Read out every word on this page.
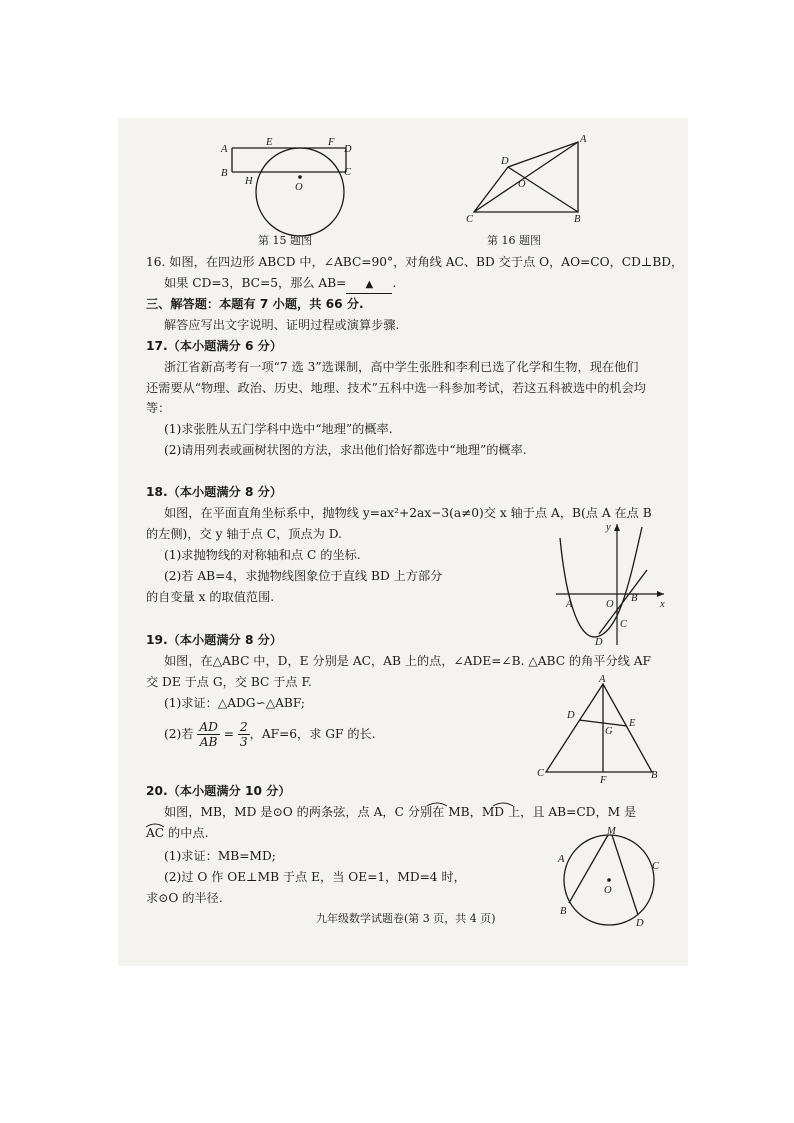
A
B
E	F
D
C
H
O
A
D
O
C	B
第 15 题图	第 16 题图
16. 如图，在四边形 ABCD 中，∠ABC=90°，对角线 AC、BD 交于点 O，AO=CO，CD⊥BD，
如果 CD=3，BC=5，那么 AB= ▲ .
三、解答题：本题有 7 小题，共 66 分.
解答应写出文字说明、证明过程或演算步骤.
17.（本小题满分 6 分）
浙江省新高考有一项“7 选 3”选课制，高中学生张胜和李利已选了化学和生物，现在他们
还需要从“物理、政治、历史、地理、技术”五科中选一科参加考试，若这五科被选中的机会均
等：
(1)求张胜从五门学科中选中“地理”的概率.
(2)请用列表或画树状图的方法，求出他们恰好都选中“地理”的概率.
18.（本小题满分 8 分）
如图，在平面直角坐标系中，抛物线 y=ax²+2ax−3(a≠0)交 x 轴于点 A，B(点 A 在点 B
的左侧)，交 y 轴于点 C，顶点为 D.
(1)求抛物线的对称轴和点 C 的坐标.
(2)若 AB=4，求抛物线图象位于直线 BD 上方部分
的自变量 x 的取值范围.
y
x
A	O
B
C
D
19.（本小题满分 8 分）
如图，在△ABC 中，D，E 分别是 AC，AB 上的点，∠ADE=∠B. △ABC 的角平分线 AF
交 DE 于点 G，交 BC 于点 F.
(1)求证：△ADG∽△ABF;
(2)若 $\frac{AD}{AB} = \frac{2}{3}$ ，AF=6，求 GF 的长.
A
D
E
G
C
F	B
20.（本小题满分 10 分）
如图，MB，MD 是⊙O 的两条弦，点 A，C 分别在 MB，MD 上，且 AB=CD，M 是
AC 的中点.
(1)求证：MB=MD;
(2)过 O 作 OE⊥MB 于点 E，当 OE=1，MD=4 时，
求⊙O 的半径.
M
A
C
O
B
D
九年级数学试题卷(第 3 页，共 4 页)
